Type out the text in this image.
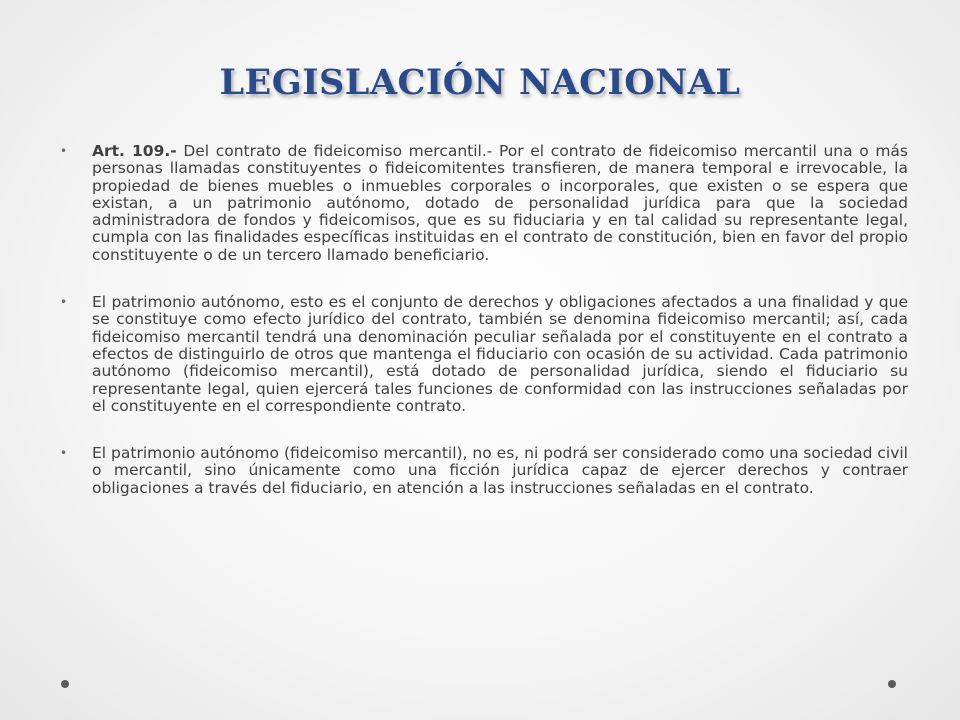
LEGISLACIÓN NACIONAL

• Art. 109.- Del contrato de fideicomiso mercantil.- Por el contrato de fideicomiso mercantil una o más personas llamadas constituyentes o fideicomitentes transfieren, de manera temporal e irrevocable, la propiedad de bienes muebles o inmuebles corporales o incorporales, que existen o se espera que existan, a un patrimonio autónomo, dotado de personalidad jurídica para que la sociedad administradora de fondos y fideicomisos, que es su fiduciaria y en tal calidad su representante legal, cumpla con las finalidades específicas instituidas en el contrato de constitución, bien en favor del propio constituyente o de un tercero llamado beneficiario.

• El patrimonio autónomo, esto es el conjunto de derechos y obligaciones afectados a una finalidad y que se constituye como efecto jurídico del contrato, también se denomina fideicomiso mercantil; así, cada fideicomiso mercantil tendrá una denominación peculiar señalada por el constituyente en el contrato a efectos de distinguirlo de otros que mantenga el fiduciario con ocasión de su actividad. Cada patrimonio autónomo (fideicomiso mercantil), está dotado de personalidad jurídica, siendo el fiduciario su representante legal, quien ejercerá tales funciones de conformidad con las instrucciones señaladas por el constituyente en el correspondiente contrato.

• El patrimonio autónomo (fideicomiso mercantil), no es, ni podrá ser considerado como una sociedad civil o mercantil, sino únicamente como una ficción jurídica capaz de ejercer derechos y contraer obligaciones a través del fiduciario, en atención a las instrucciones señaladas en el contrato.
